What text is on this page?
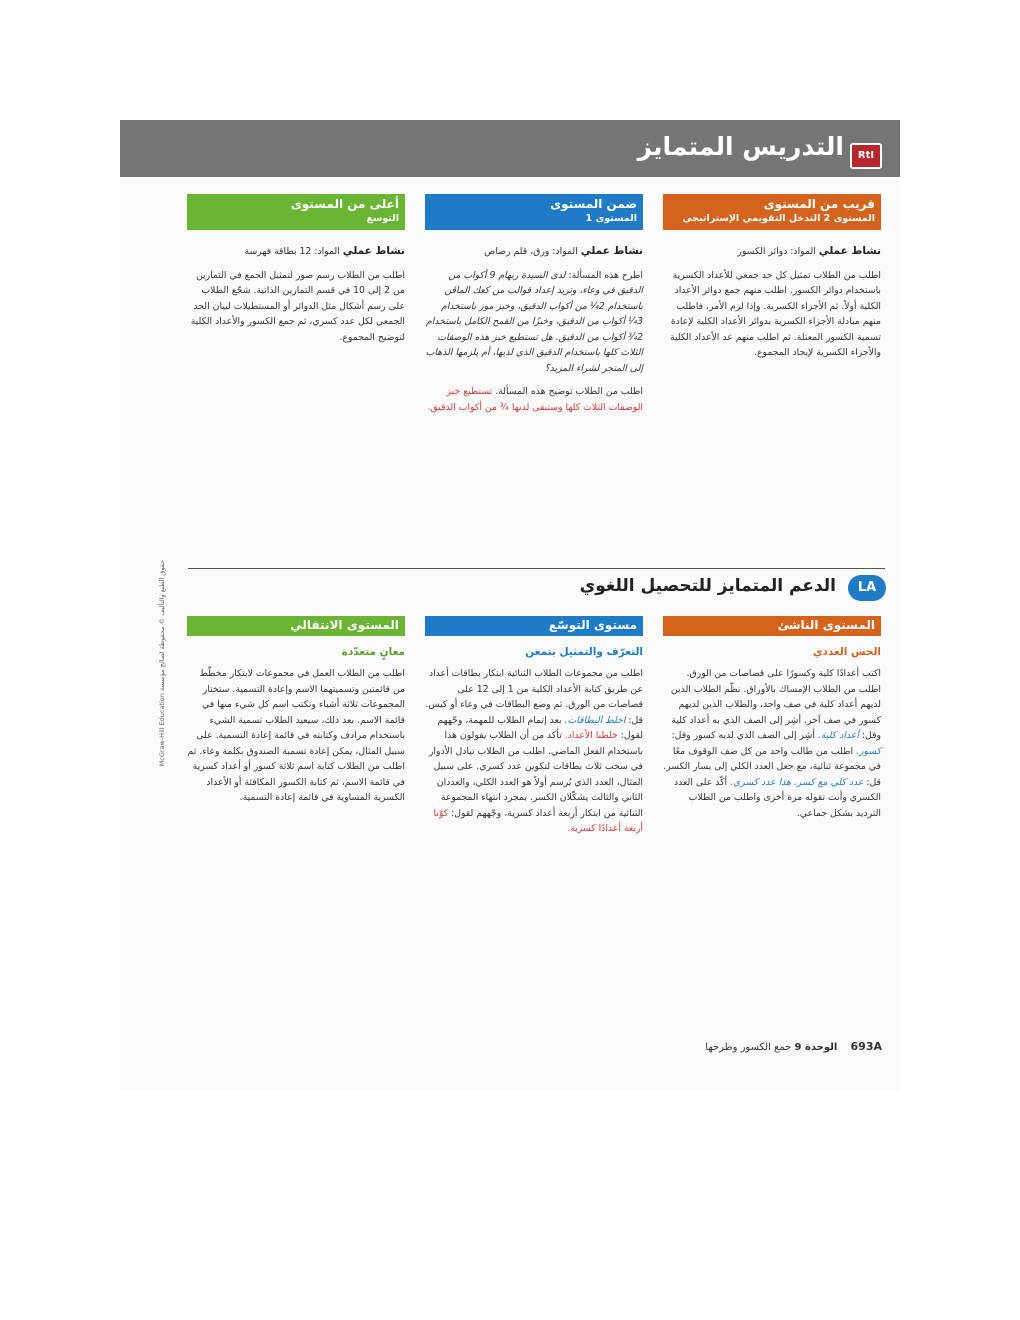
التدريس المتمايز	RtI
قريب من المستوى
المستوى 2 التدخل التقويمي الإستراتيجي

نشاط عملي المواد: دوائر الكسور

اطلب من الطلاب تمثيل كل حد جمعي للأعداد الكسرية باستخدام دوائر الكسور. اطلب منهم جمع دوائر الأعداد الكلية أولاً. ثم الأجزاء الكسرية. وإذا لزم الأمر، فاطلب منهم مبادلة الأجزاء الكسرية بدوائر الأعداد الكلية لإعادة تسمية الكسور المعتلة. ثم اطلب منهم عد الأعداد الكلية والأجزاء الكسرية لإيجاد المجموع.

ضمن المستوى
المستوى 1

نشاط عملي المواد: ورق، قلم رصاص

اطرح هذه المسألة: لدى السيدة ريهام 9 أكواب من الدقيق في وعاء، وتريد إعداد قوالب من كعك الماڤن باستخدام 2¼ من أكواب الدقيق، وخبز موز باستخدام 3¼ أكواب من الدقيق، وخبزًا من القمح الكامل باستخدام 2¾ أكواب من الدقيق. هل تستطيع خبز هذه الوصفات الثلاث كلها باستخدام الدقيق الذي لديها، أم يلزمها الذهاب إلى المتجر لشراء المزيد؟

اطلب من الطلاب توضيح هذه المسألة. تستطيع خبز الوصفات الثلاث كلها وستبقى لديها ¾ من أكواب الدقيق.

أعلى من المستوى
التوسع

نشاط عملي المواد: 12 بطاقة فهرسة

اطلب من الطلاب رسم صور لتمثيل الجمع في التمارين من 2 إلى 10 في قسم التمارين الذاتية. شجّع الطلاب على رسم أشكال مثل الدوائر أو المستطيلات لبيان الحد الجمعي لكل عدد كسري، ثم جمع الكسور والأعداد الكلية لتوضيح المجموع.

الدعم المتمايز للتحصيل اللغوي	LA
المستوى الناشئ
الحس العددي

اكتب أعدادًا كلية وكسورًا على قصاصات من الورق. اطلب من الطلاب الإمساك بالأوراق. نظّم الطلاب الذين لديهم أعداد كلية في صف واحد، والطلاب الذين لديهم كسور في صف آخر. أشِر إلى الصف الذي به أعداد كلية وقل: أعداد كلية. أشِر إلى الصف الذي لديه كسور وقل: كسور. اطلب من طالب واحد من كل صف الوقوف معًا في مجموعة ثنائية، مع جعل العدد الكلي إلى يسار الكسر. قل: عدد كلي مع كسر. هذا عدد كسري. أكّد على العدد الكسري وأنت تقوله مرة أخرى واطلب من الطلاب الترديد بشكل جماعي.

مستوى التوسّع
التعرّف والتمثيل بتمعن

اطلب من مجموعات الطلاب الثنائية ابتكار بطاقات أعداد عن طريق كتابة الأعداد الكلية من 1 إلى 12 على قصاصات من الورق. ثم وضع البطاقات في وعاء أو كيس. قل: اخلط البطاقات. بعد إتمام الطلاب للمهمة، وجّههم لقول: خلطنا الأعداد. تأكد من أن الطلاب يقولون هذا باستخدام الفعل الماضي. اطلب من الطلاب تبادل الأدوار في سحب ثلاث بطاقات لتكوين عدد كسري. على سبيل المثال، العدد الذي يُرسم أولاً هو العدد الكلي، والعددان الثاني والثالث يشكّلان الكسر. بمجرد انتهاء المجموعة الثنائية من ابتكار أربعة أعداد كسرية، وجّههم لقول: كوّنا أربعة أعدادًا كسرية.

المستوى الانتقالي
معانٍ متعدّدة

اطلب من الطلاب العمل في مجموعات لابتكار مخطّط من قائمتين وتسميتهما الاسم وإعادة التسمية. ستختار المجموعات ثلاثة أشياء وتكتب اسم كل شيء منها في قائمة الاسم. بعد ذلك، سيعيد الطلاب تسمية الشيء باستخدام مرادف وكتابته في قائمة إعادة التسمية. على سبيل المثال، يمكن إعادة تسمية الصندوق بكلمة وعاء. ثم اطلب من الطلاب كتابة اسم ثلاثة كسور أو أعداد كسرية في قائمة الاسم، ثم كتابة الكسور المكافئة أو الأعداد الكسرية المساوية في قائمة إعادة التسمية.

حقوق الطبع والتأليف © محفوظة لصالح مؤسسة McGraw-Hill Education
693A الوحدة 9 جمع الكسور وطرحها
